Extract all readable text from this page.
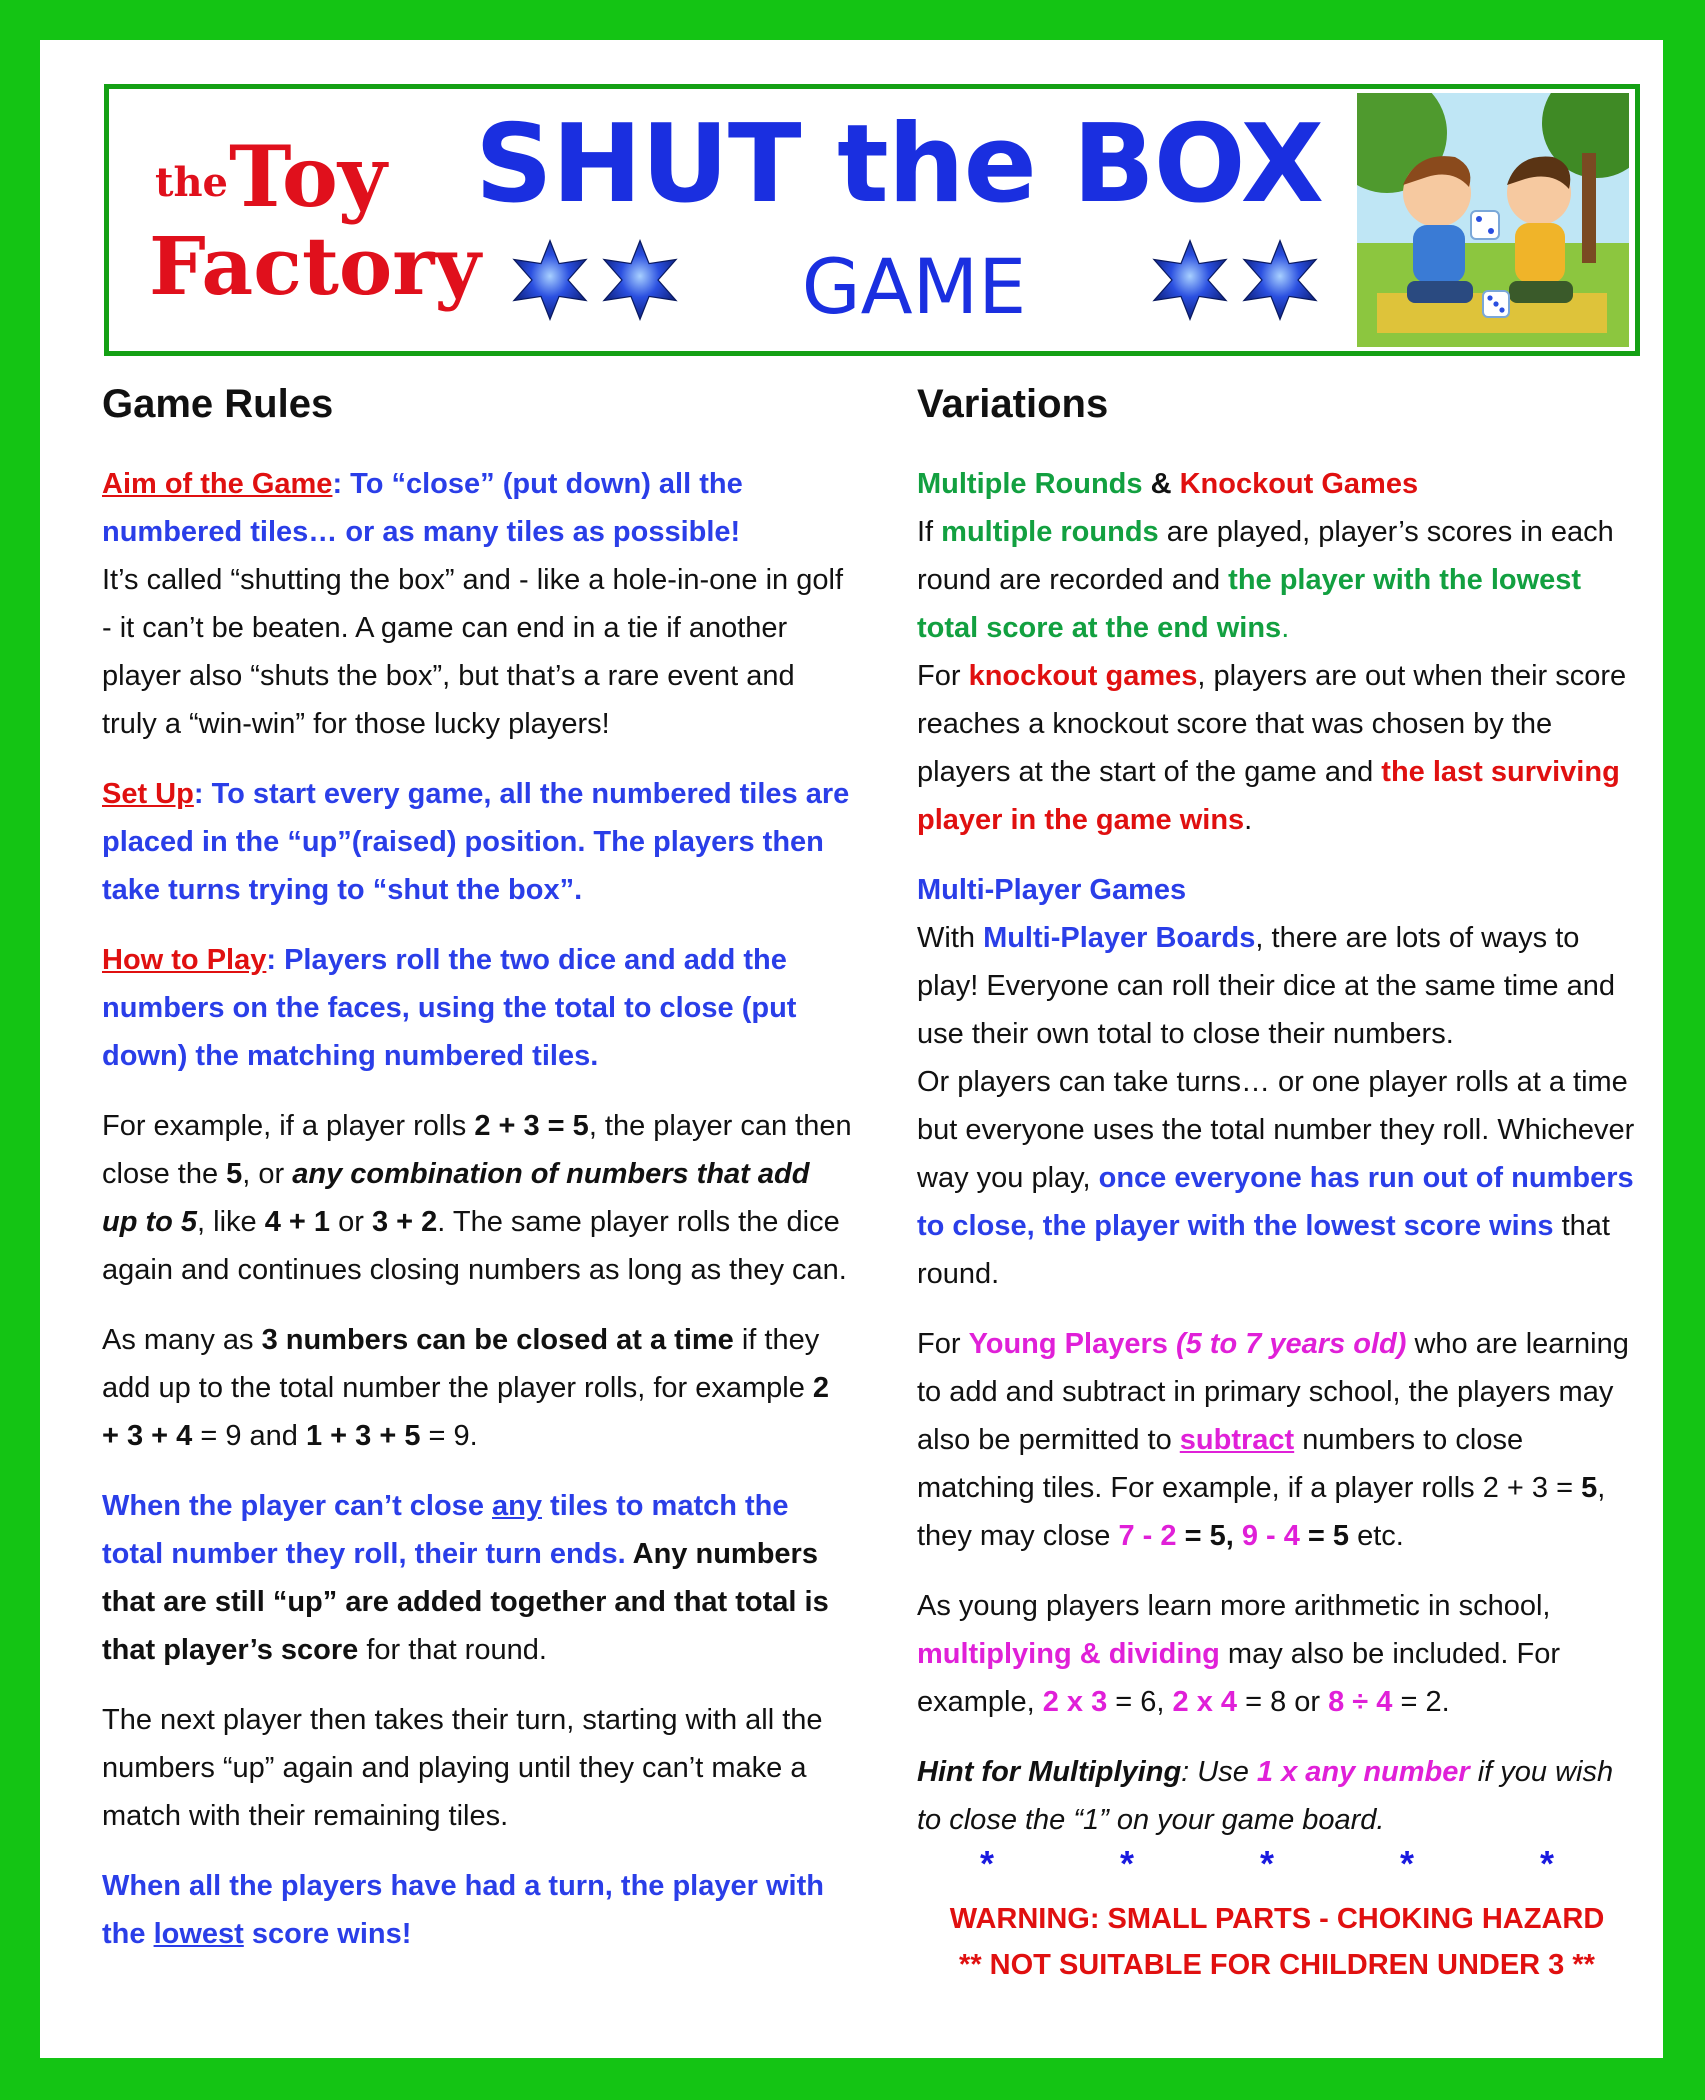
the Toy
Factory
SHUT the BOX

GAME

Game Rules

Aim of the Game: To “close” (put down) all the numbered tiles… or as many tiles as possible!
It’s called “shutting the box” and - like a hole-in-one in golf - it can’t be beaten. A game can end in a tie if another player also “shuts the box”, but that’s a rare event and truly a “win-win” for those lucky players!

Set Up: To start every game, all the numbered tiles are placed in the “up”(raised) position. The players then take turns trying to “shut the box”.

How to Play: Players roll the two dice and add the numbers on the faces, using the total to close (put down) the matching numbered tiles.

For example, if a player rolls 2 + 3 = 5, the player can then close the 5, or any combination of numbers that add up to 5, like 4 + 1 or 3 + 2. The same player rolls the dice again and continues closing numbers as long as they can.

As many as 3 numbers can be closed at a time if they add up to the total number the player rolls, for example 2 + 3 + 4 = 9 and 1 + 3 + 5 = 9.

When the player can’t close any tiles to match the total number they roll, their turn ends. Any numbers that are still “up” are added together and that total is that player’s score for that round.

The next player then takes their turn, starting with all the numbers “up” again and playing until they can’t make a match with their remaining tiles.

When all the players have had a turn, the player with the lowest score wins!

Variations

Multiple Rounds & Knockout Games
If multiple rounds are played, player’s scores in each round are recorded and the player with the lowest total score at the end wins.
For knockout games, players are out when their score reaches a knockout score that was chosen by the players at the start of the game and the last surviving player in the game wins.

Multi-Player Games
With Multi-Player Boards, there are lots of ways to play! Everyone can roll their dice at the same time and use their own total to close their numbers.
Or players can take turns… or one player rolls at a time but everyone uses the total number they roll. Whichever way you play, once everyone has run out of numbers to close, the player with the lowest score wins that round.

For Young Players (5 to 7 years old) who are learning to add and subtract in primary school, the players may also be permitted to subtract numbers to close matching tiles. For example, if a player rolls 2 + 3 = 5, they may close 7 - 2 = 5, 9 - 4 = 5 etc.

As young players learn more arithmetic in school, multiplying & dividing may also be included. For example, 2 x 3 = 6, 2 x 4 = 8 or 8 ÷ 4 = 2.

Hint for Multiplying: Use 1 x any number if you wish to close the “1” on your game board.

*	*	*	*	*
WARNING: SMALL PARTS - CHOKING HAZARD
** NOT SUITABLE FOR CHILDREN UNDER 3 **
